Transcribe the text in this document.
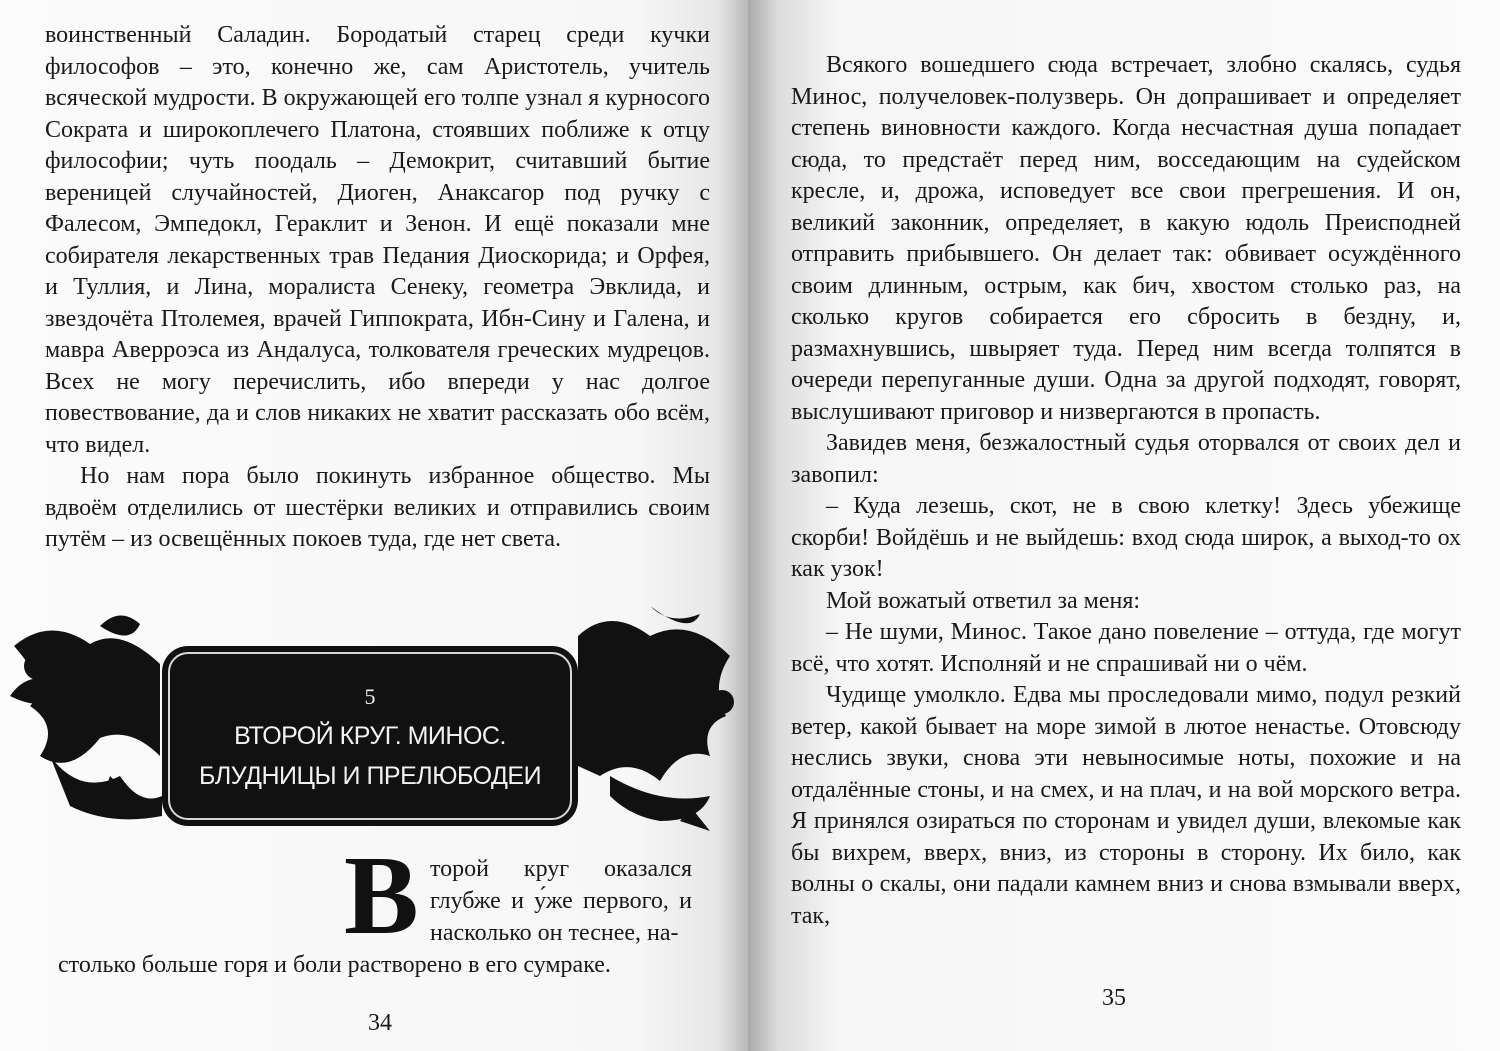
воинственный Саладин. Бородатый старец среди кучки философов – это, конечно же, сам Аристотель, учитель всяческой мудрости. В окружающей его толпе узнал я курносого Сократа и широкоплечего Платона, стоявших поближе к отцу философии; чуть поодаль – Демокрит, считавший бытие вереницей случайностей, Диоген, Анаксагор под ручку с Фалесом, Эмпедокл, Гераклит и Зенон. И ещё показали мне собирателя лекарственных трав Педания Диоскорида; и Орфея, и Туллия, и Лина, моралиста Сенеку, геометра Эвклида, и звездочёта Птолемея, врачей Гиппократа, Ибн-Сину и Галена, и мавра Аверроэса из Андалуса, толкователя греческих мудрецов. Всех не могу перечислить, ибо впереди у нас долгое повествование, да и слов никаких не хватит рассказать обо всём, что видел.

Но нам пора было покинуть избранное общество. Мы вдвоём отделились от шестёрки великих и отправились своим путём – из освещённых покоев туда, где нет света.

5
ВТОРОЙ КРУГ. МИНОС.
БЛУДНИЦЫ И ПРЕЛЮБОДЕИ
В торой круг оказался глубже и у́же первого, и насколько он теснее, на-
столько больше горя и боли растворено в его сумраке.
34

Всякого вошедшего сюда встречает, злобно скалясь, судья Минос, получеловек-полузверь. Он допрашивает и определяет степень виновности каждого. Когда несчастная душа попадает сюда, то предстаёт перед ним, восседающим на судейском кресле, и, дрожа, исповедует все свои прегрешения. И он, великий законник, определяет, в какую юдоль Преисподней отправить прибывшего. Он делает так: обвивает осуждённого своим длинным, острым, как бич, хвостом столько раз, на сколько кругов собирается его сбросить в бездну, и, размахнувшись, швыряет туда. Перед ним всегда толпятся в очереди перепуганные души. Одна за другой подходят, говорят, выслушивают приговор и низвергаются в пропасть.

Завидев меня, безжалостный судья оторвался от своих дел и завопил:

– Куда лезешь, скот, не в свою клетку! Здесь убежище скорби! Войдёшь и не выйдешь: вход сюда широк, а выход-то ох как узок!

Мой вожатый ответил за меня:

– Не шуми, Минос. Такое дано повеление – оттуда, где могут всё, что хотят. Исполняй и не спрашивай ни о чём.

Чудище умолкло. Едва мы проследовали мимо, подул резкий ветер, какой бывает на море зимой в лютое ненастье. Отовсюду неслись звуки, снова эти невыносимые ноты, похожие и на отдалённые стоны, и на смех, и на плач, и на вой морского ветра. Я принялся озираться по сторонам и увидел души, влекомые как бы вихрем, вверх, вниз, из стороны в сторону. Их било, как волны о скалы, они падали камнем вниз и снова взмывали вверх, так,

35
